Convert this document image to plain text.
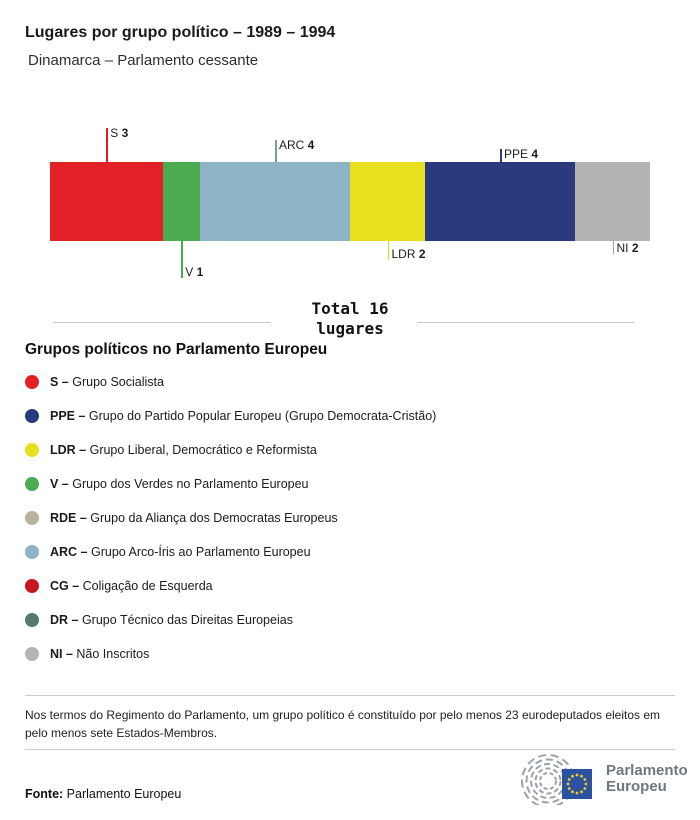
Lugares por grupo político – 1989 – 1994
Dinamarca – Parlamento cessante
S 3
V 1
ARC 4
LDR 2
PPE 4
NI 2
Total 16
lugares
Grupos políticos no Parlamento Europeu
S – Grupo Socialista
PPE – Grupo do Partido Popular Europeu (Grupo Democrata-Cristão)
LDR – Grupo Liberal, Democrático e Reformista
V – Grupo dos Verdes no Parlamento Europeu
RDE – Grupo da Aliança dos Democratas Europeus
ARC – Grupo Arco-Íris ao Parlamento Europeu
CG – Coligação de Esquerda
DR – Grupo Técnico das Direitas Europeias
NI – Não Inscritos
Nos termos do Regimento do Parlamento, um grupo político é constituído por pelo menos 23 eurodeputados eleitos em pelo menos sete Estados-Membros.
Fonte: Parlamento Europeu
Parlamento
Europeu
